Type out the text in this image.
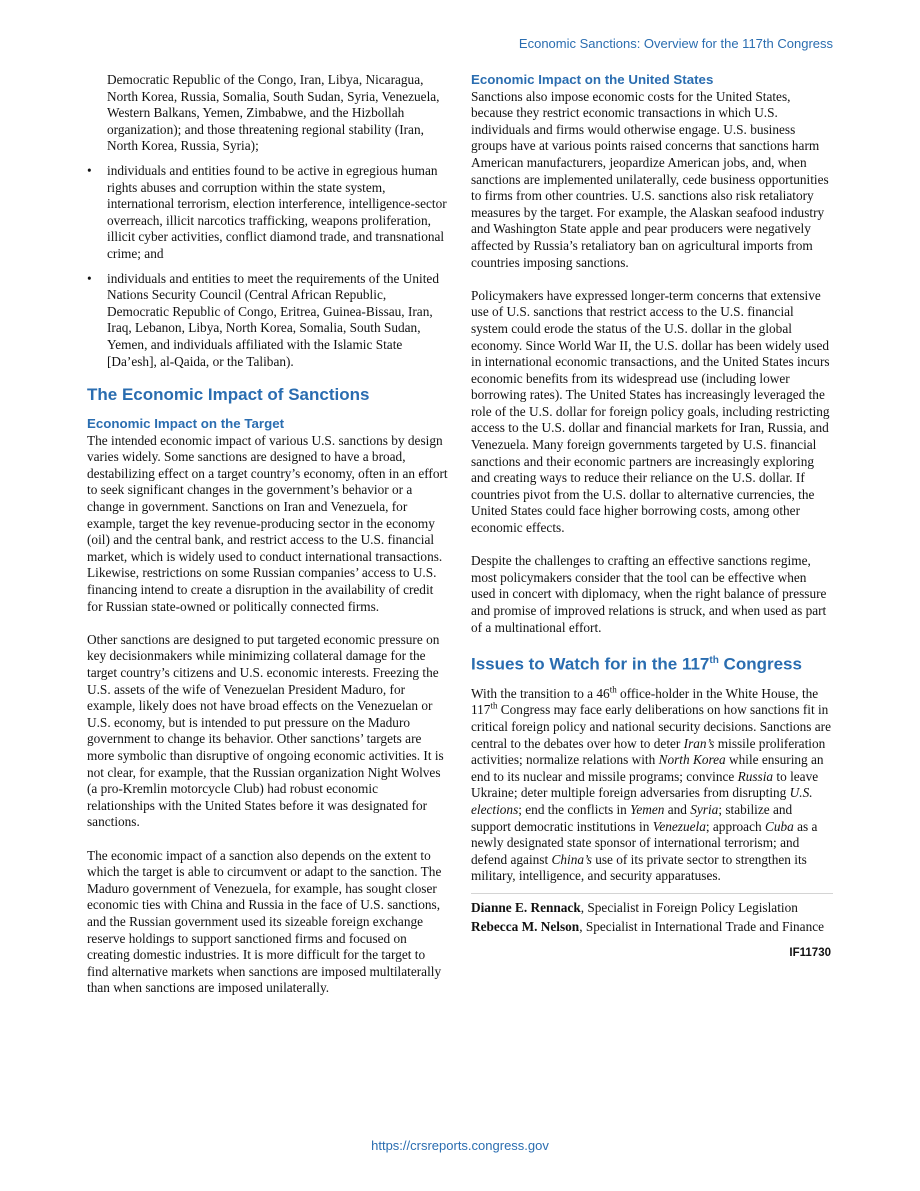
Economic Sanctions: Overview for the 117th Congress

Democratic Republic of the Congo, Iran, Libya, Nicaragua, North Korea, Russia, Somalia, South Sudan, Syria, Venezuela, Western Balkans, Yemen, Zimbabwe, and the Hizbollah organization); and those threatening regional stability (Iran, North Korea, Russia, Syria);

• individuals and entities found to be active in egregious human rights abuses and corruption within the state system, international terrorism, election interference, intelligence-sector overreach, illicit narcotics trafficking, weapons proliferation, illicit cyber activities, conflict diamond trade, and transnational crime; and
• individuals and entities to meet the requirements of the United Nations Security Council (Central African Republic, Democratic Republic of Congo, Eritrea, Guinea-Bissau, Iran, Iraq, Lebanon, Libya, North Korea, Somalia, South Sudan, Yemen, and individuals affiliated with the Islamic State [Da’esh], al-Qaida, or the Taliban).
The Economic Impact of Sanctions
Economic Impact on the Target

The intended economic impact of various U.S. sanctions by design varies widely. Some sanctions are designed to have a broad, destabilizing effect on a target country’s economy, often in an effort to seek significant changes in the government’s behavior or a change in government. Sanctions on Iran and Venezuela, for example, target the key revenue-producing sector in the economy (oil) and the central bank, and restrict access to the U.S. financial market, which is widely used to conduct international transactions. Likewise, restrictions on some Russian companies’ access to U.S. financing intend to create a disruption in the availability of credit for Russian state-owned or politically connected firms.

Other sanctions are designed to put targeted economic pressure on key decisionmakers while minimizing collateral damage for the target country’s citizens and U.S. economic interests. Freezing the U.S. assets of the wife of Venezuelan President Maduro, for example, likely does not have broad effects on the Venezuelan or U.S. economy, but is intended to put pressure on the Maduro government to change its behavior. Other sanctions’ targets are more symbolic than disruptive of ongoing economic activities. It is not clear, for example, that the Russian organization Night Wolves (a pro-Kremlin motorcycle Club) had robust economic relationships with the United States before it was designated for sanctions.

The economic impact of a sanction also depends on the extent to which the target is able to circumvent or adapt to the sanction. The Maduro government of Venezuela, for example, has sought closer economic ties with China and Russia in the face of U.S. sanctions, and the Russian government used its sizeable foreign exchange reserve holdings to support sanctioned firms and focused on creating domestic industries. It is more difficult for the target to find alternative markets when sanctions are imposed multilaterally than when sanctions are imposed unilaterally.

Economic Impact on the United States

Sanctions also impose economic costs for the United States, because they restrict economic transactions in which U.S. individuals and firms would otherwise engage. U.S. business groups have at various points raised concerns that sanctions harm American manufacturers, jeopardize American jobs, and, when sanctions are implemented unilaterally, cede business opportunities to firms from other countries. U.S. sanctions also risk retaliatory measures by the target. For example, the Alaskan seafood industry and Washington State apple and pear producers were negatively affected by Russia’s retaliatory ban on agricultural imports from countries imposing sanctions.

Policymakers have expressed longer-term concerns that extensive use of U.S. sanctions that restrict access to the U.S. financial system could erode the status of the U.S. dollar in the global economy. Since World War II, the U.S. dollar has been widely used in international economic transactions, and the United States incurs economic benefits from its widespread use (including lower borrowing rates). The United States has increasingly leveraged the role of the U.S. dollar for foreign policy goals, including restricting access to the U.S. dollar and financial markets for Iran, Russia, and Venezuela. Many foreign governments targeted by U.S. financial sanctions and their economic partners are increasingly exploring and creating ways to reduce their reliance on the U.S. dollar. If countries pivot from the U.S. dollar to alternative currencies, the United States could face higher borrowing costs, among other economic effects.

Despite the challenges to crafting an effective sanctions regime, most policymakers consider that the tool can be effective when used in concert with diplomacy, when the right balance of pressure and promise of improved relations is struck, and when used as part of a multinational effort.

Issues to Watch for in the 117th Congress

With the transition to a 46th office-holder in the White House, the 117th Congress may face early deliberations on how sanctions fit in critical foreign policy and national security decisions. Sanctions are central to the debates over how to deter Iran’s missile proliferation activities; normalize relations with North Korea while ensuring an end to its nuclear and missile programs; convince Russia to leave Ukraine; deter multiple foreign adversaries from disrupting U.S. elections; end the conflicts in Yemen and Syria; stabilize and support democratic institutions in Venezuela; approach Cuba as a newly designated state sponsor of international terrorism; and defend against China’s use of its private sector to strengthen its military, intelligence, and security apparatuses.

Dianne E. Rennack, Specialist in Foreign Policy Legislation

Rebecca M. Nelson, Specialist in International Trade and Finance

IF11730
https://crsreports.congress.gov
